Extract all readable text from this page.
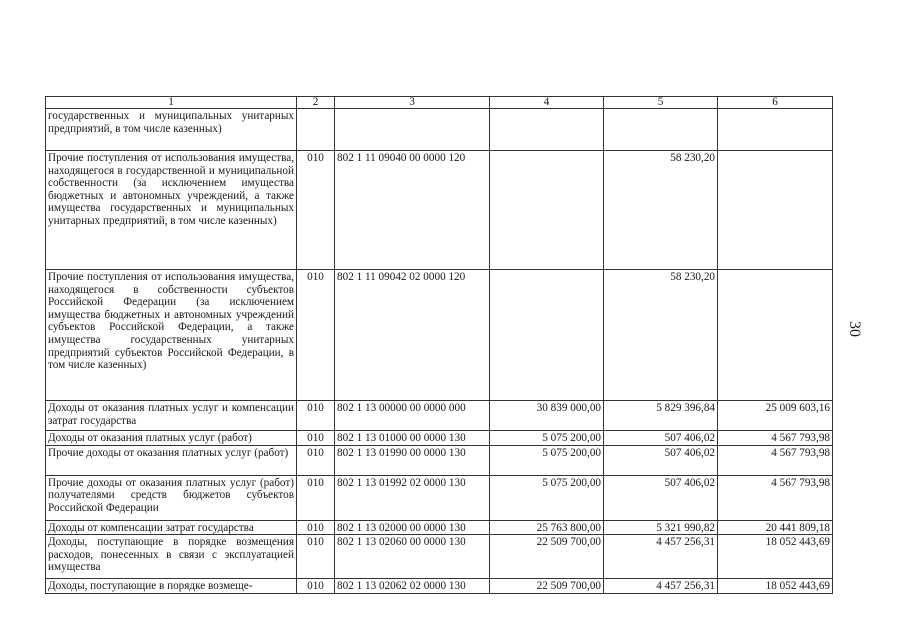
1	2	3	4	5	6
государственных и муниципальных унитарных предприятий, в том числе казенных)					
Прочие поступления от использования имущества, находящегося в государственной и муниципальной собственности (за исключением имущества бюджетных и автономных учреждений, а также имущества государственных и муниципальных унитарных предприятий, в том числе казенных)	010	802 1 11 09040 00 0000 120		58 230,20	
Прочие поступления от использования имущества, находящегося в собственности субъектов Российской Федерации (за исключением имущества бюджетных и автономных учреждений субъектов Российской Федерации, а также имущества государственных унитарных предприятий субъектов Российской Федерации, в том числе казенных)	010	802 1 11 09042 02 0000 120		58 230,20	
Доходы от оказания платных услуг и компенсации затрат государства	010	802 1 13 00000 00 0000 000	30 839 000,00	5 829 396,84	25 009 603,16
Доходы от оказания платных услуг (работ)	010	802 1 13 01000 00 0000 130	5 075 200,00	507 406,02	4 567 793,98
Прочие доходы от оказания платных услуг (работ)	010	802 1 13 01990 00 0000 130	5 075 200,00	507 406,02	4 567 793,98
Прочие доходы от оказания платных услуг (работ) получателями средств бюджетов субъектов Российской Федерации	010	802 1 13 01992 02 0000 130	5 075 200,00	507 406,02	4 567 793,98
Доходы от компенсации затрат государства	010	802 1 13 02000 00 0000 130	25 763 800,00	5 321 990,82	20 441 809,18
Доходы, поступающие в порядке возмещения расходов, понесенных в связи с эксплуатацией имущества	010	802 1 13 02060 00 0000 130	22 509 700,00	4 457 256,31	18 052 443,69
Доходы, поступающие в порядке возмеще-	010	802 1 13 02062 02 0000 130	22 509 700,00	4 457 256,31	18 052 443,69
30
